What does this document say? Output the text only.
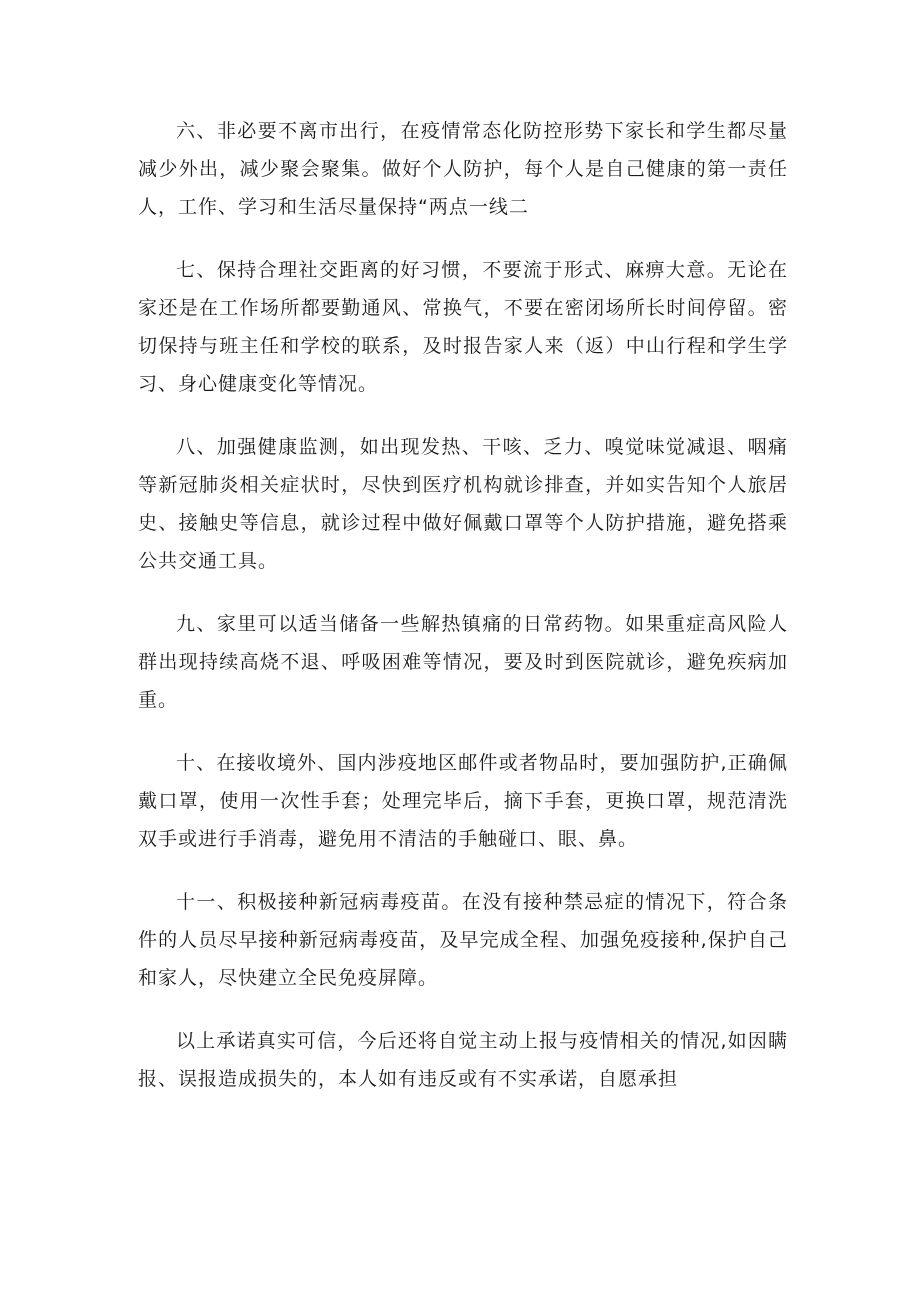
六、非必要不离市出行，在疫情常态化防控形势下家长和学生都尽量减少外出，减少聚会聚集。做好个人防护，每个人是自己健康的第一责任人，工作、学习和生活尽量保持“两点一线二

七、保持合理社交距离的好习惯，不要流于形式、麻痹大意。无论在家还是在工作场所都要勤通风、常换气，不要在密闭场所长时间停留。密切保持与班主任和学校的联系，及时报告家人来（返）中山行程和学生学习、身心健康变化等情况。

八、加强健康监测，如出现发热、干咳、乏力、嗅觉味觉减退、咽痛等新冠肺炎相关症状时，尽快到医疗机构就诊排查，并如实告知个人旅居史、接触史等信息，就诊过程中做好佩戴口罩等个人防护措施，避免搭乘公共交通工具。

九、家里可以适当储备一些解热镇痛的日常药物。如果重症高风险人群出现持续高烧不退、呼吸困难等情况，要及时到医院就诊，避免疾病加重。

十、在接收境外、国内涉疫地区邮件或者物品时，要加强防护,正确佩戴口罩，使用一次性手套；处理完毕后，摘下手套，更换口罩，规范清洗双手或进行手消毒，避免用不清洁的手触碰口、眼、鼻。

十一、积极接种新冠病毒疫苗。在没有接种禁忌症的情况下，符合条件的人员尽早接种新冠病毒疫苗，及早完成全程、加强免疫接种,保护自己和家人，尽快建立全民免疫屏障。

以上承诺真实可信，今后还将自觉主动上报与疫情相关的情况,如因瞒报、误报造成损失的，本人如有违反或有不实承诺，自愿承担
